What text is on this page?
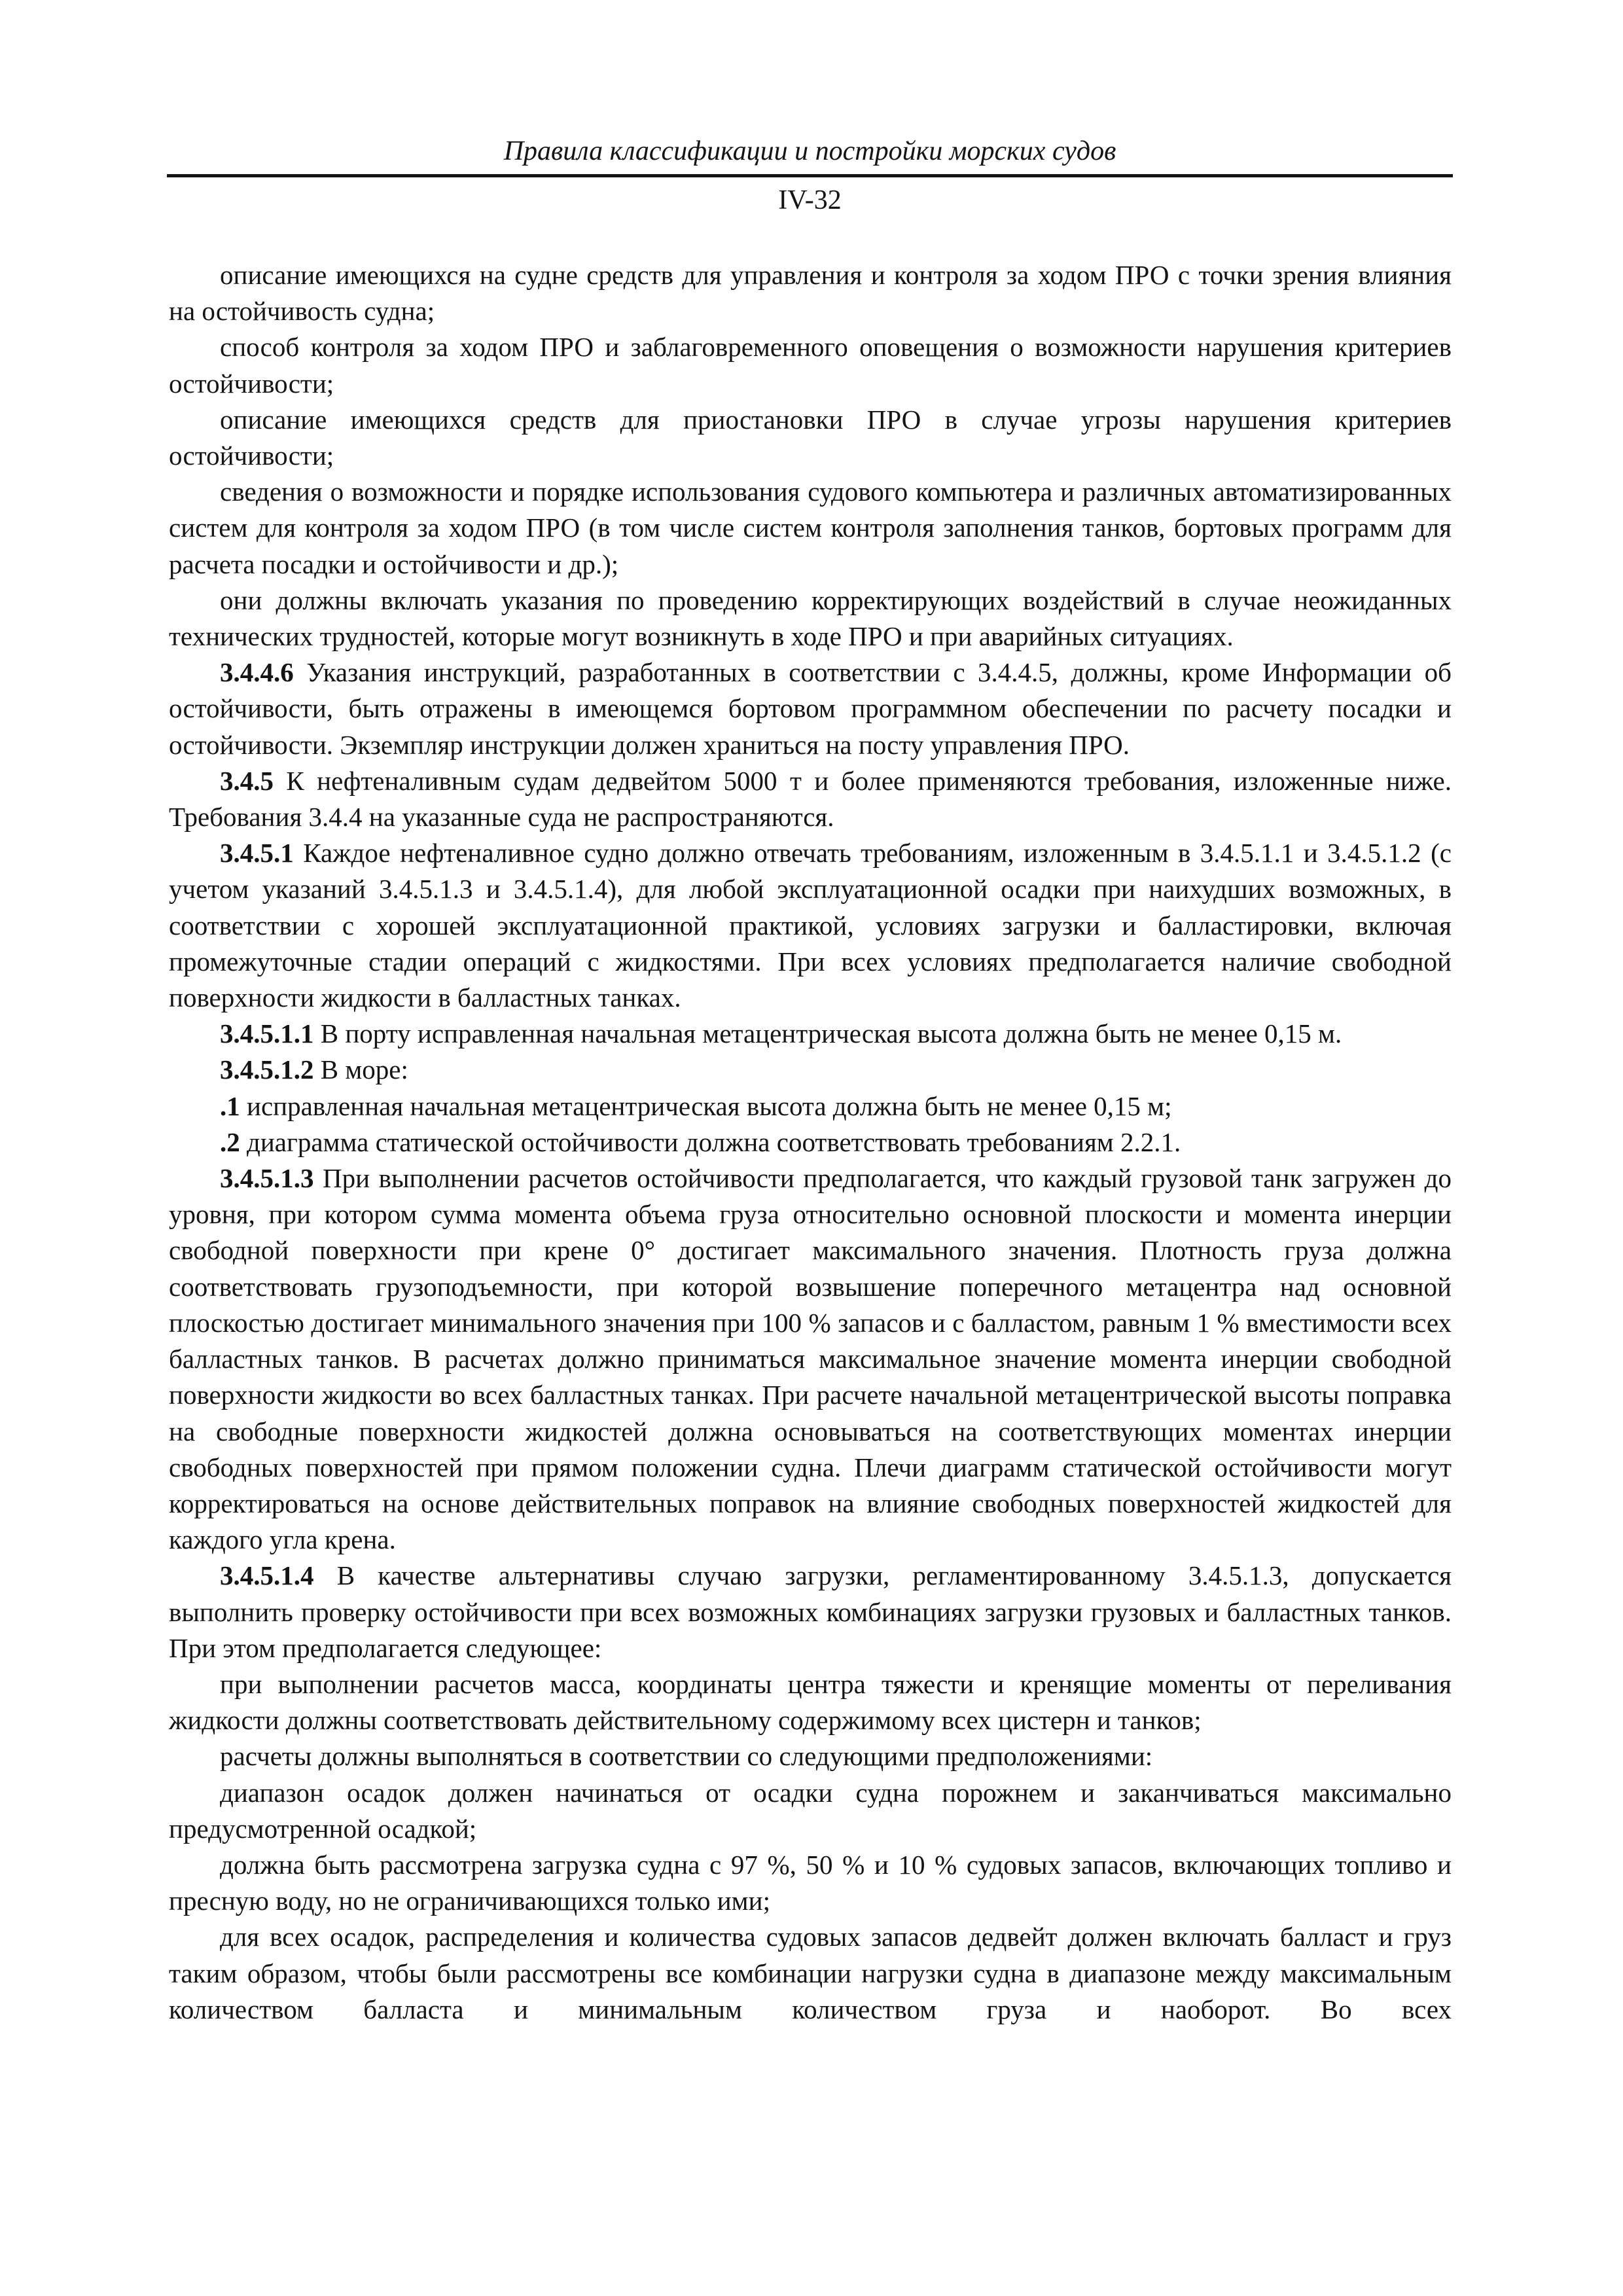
Правила классификации и постройки морских судов
IV-32

описание имеющихся на судне средств для управления и контроля за ходом ПРО с точки зрения влияния на остойчивость судна;

способ контроля за ходом ПРО и заблаговременного оповещения о возможности нарушения критериев остойчивости;

описание имеющихся средств для приостановки ПРО в случае угрозы нарушения критериев остойчивости;

сведения о возможности и порядке использования судового компьютера и различных автоматизированных систем для контроля за ходом ПРО (в том числе систем контроля заполнения танков, бортовых программ для расчета посадки и остойчивости и др.);

они должны включать указания по проведению корректирующих воздействий в случае неожиданных технических трудностей, которые могут возникнуть в ходе ПРО и при аварийных ситуациях.

3.4.4.6 Указания инструкций, разработанных в соответствии с 3.4.4.5, должны, кроме Информации об остойчивости, быть отражены в имеющемся бортовом программном обеспечении по расчету посадки и остойчивости. Экземпляр инструкции должен храниться на посту управления ПРО.

3.4.5 К нефтеналивным судам дедвейтом 5000 т и более применяются требования, изложенные ниже. Требования 3.4.4 на указанные суда не распространяются.

3.4.5.1 Каждое нефтеналивное судно должно отвечать требованиям, изложенным в 3.4.5.1.1 и 3.4.5.1.2 (с учетом указаний 3.4.5.1.3 и 3.4.5.1.4), для любой эксплуатационной осадки при наихудших возможных, в соответствии с хорошей эксплуатационной практикой, условиях загрузки и балластировки, включая промежуточные стадии операций с жидкостями. При всех условиях предполагается наличие свободной поверхности жидкости в балластных танках.

3.4.5.1.1 В порту исправленная начальная метацентрическая высота должна быть не менее 0,15 м.

3.4.5.1.2 В море:

.1 исправленная начальная метацентрическая высота должна быть не менее 0,15 м;

.2 диаграмма статической остойчивости должна соответствовать требованиям 2.2.1.

3.4.5.1.3 При выполнении расчетов остойчивости предполагается, что каждый грузовой танк загружен до уровня, при котором сумма момента объема груза относительно основной плоскости и момента инерции свободной поверхности при крене 0° достигает максимального значения. Плотность груза должна соответствовать грузоподъемности, при которой возвышение поперечного метацентра над основной плоскостью достигает минимального значения при 100 % запасов и с балластом, равным 1 % вместимости всех балластных танков. В расчетах должно приниматься максимальное значение момента инерции свободной поверхности жидкости во всех балластных танках. При расчете начальной метацентрической высоты поправка на свободные поверхности жидкостей должна основываться на соответствующих моментах инерции свободных поверхностей при прямом положении судна. Плечи диаграмм статической остойчивости могут корректироваться на основе действительных поправок на влияние свободных поверхностей жидкостей для каждого угла крена.

3.4.5.1.4 В качестве альтернативы случаю загрузки, регламентированному 3.4.5.1.3, допускается выполнить проверку остойчивости при всех возможных комбинациях загрузки грузовых и балластных танков. При этом предполагается следующее:

при выполнении расчетов масса, координаты центра тяжести и кренящие моменты от переливания жидкости должны соответствовать действительному содержимому всех цистерн и танков;

расчеты должны выполняться в соответствии со следующими предположениями:

диапазон осадок должен начинаться от осадки судна порожнем и заканчиваться максимально предусмотренной осадкой;

должна быть рассмотрена загрузка судна с 97 %, 50 % и 10 % судовых запасов, включающих топливо и пресную воду, но не ограничивающихся только ими;

для всех осадок, распределения и количества судовых запасов дедвейт должен включать балласт и груз таким образом, чтобы были рассмотрены все комбинации нагрузки судна в диапазоне между максимальным количеством балласта и минимальным количеством груза и наоборот. Во всех
